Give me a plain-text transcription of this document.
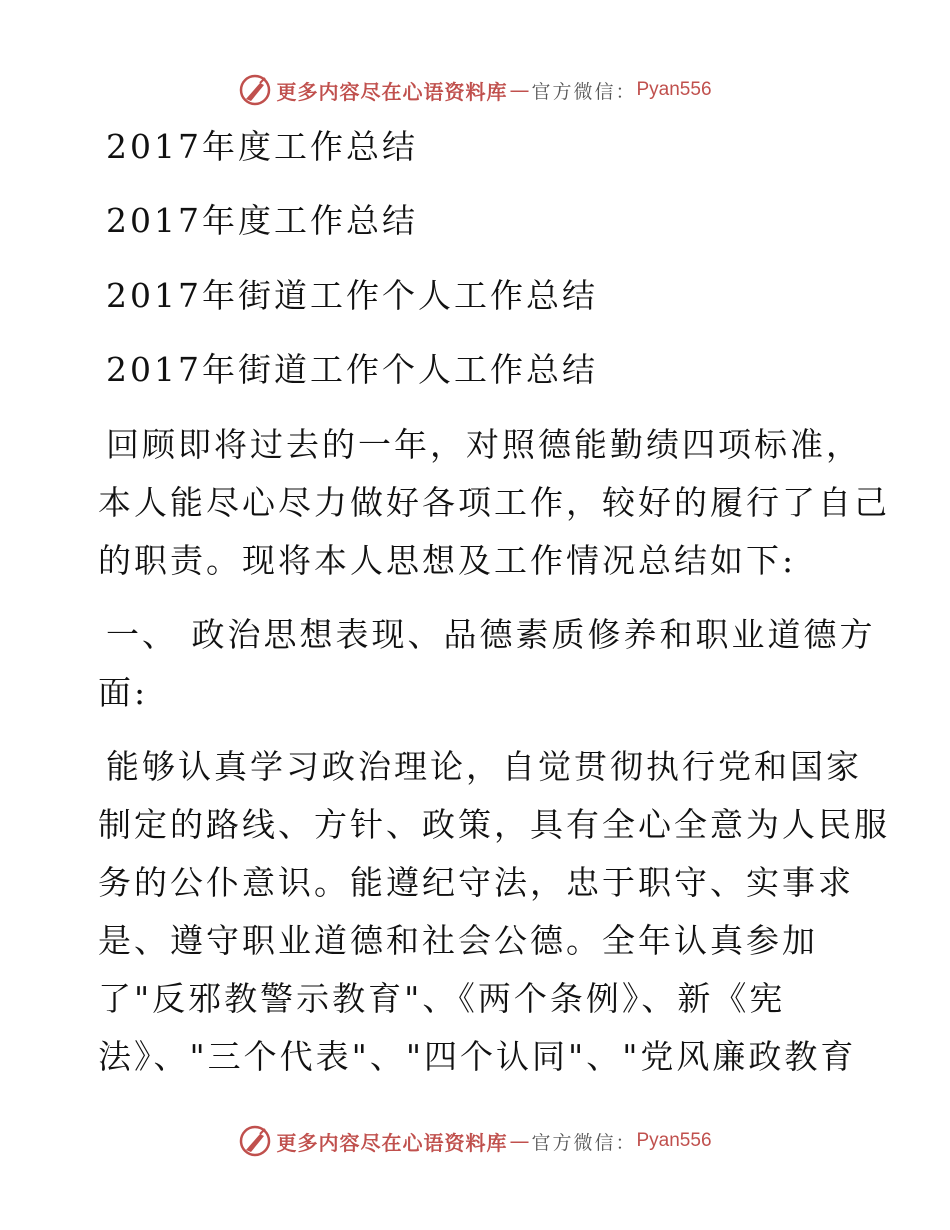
更多内容尽在心语资料库 — 官方微信： Pyan556
2017年度工作总结
2017年度工作总结
2017年街道工作个人工作总结
2017年街道工作个人工作总结
回顾即将过去的一年，对照德能勤绩四项标准，
本人能尽心尽力做好各项工作，较好的履行了自己
的职责。现将本人思想及工作情况总结如下:
一、 政治思想表现、品德素质修养和职业道德方
面:
能够认真学习政治理论，自觉贯彻执行党和国家
制定的路线、方针、政策，具有全心全意为人民服
务的公仆意识。能遵纪守法，忠于职守、实事求
是、遵守职业道德和社会公德。全年认真参加
了"反邪教警示教育"、《两个条例》、新《宪
法》、"三个代表"、"四个认同"、"党风廉政教育
更多内容尽在心语资料库 — 官方微信： Pyan556
